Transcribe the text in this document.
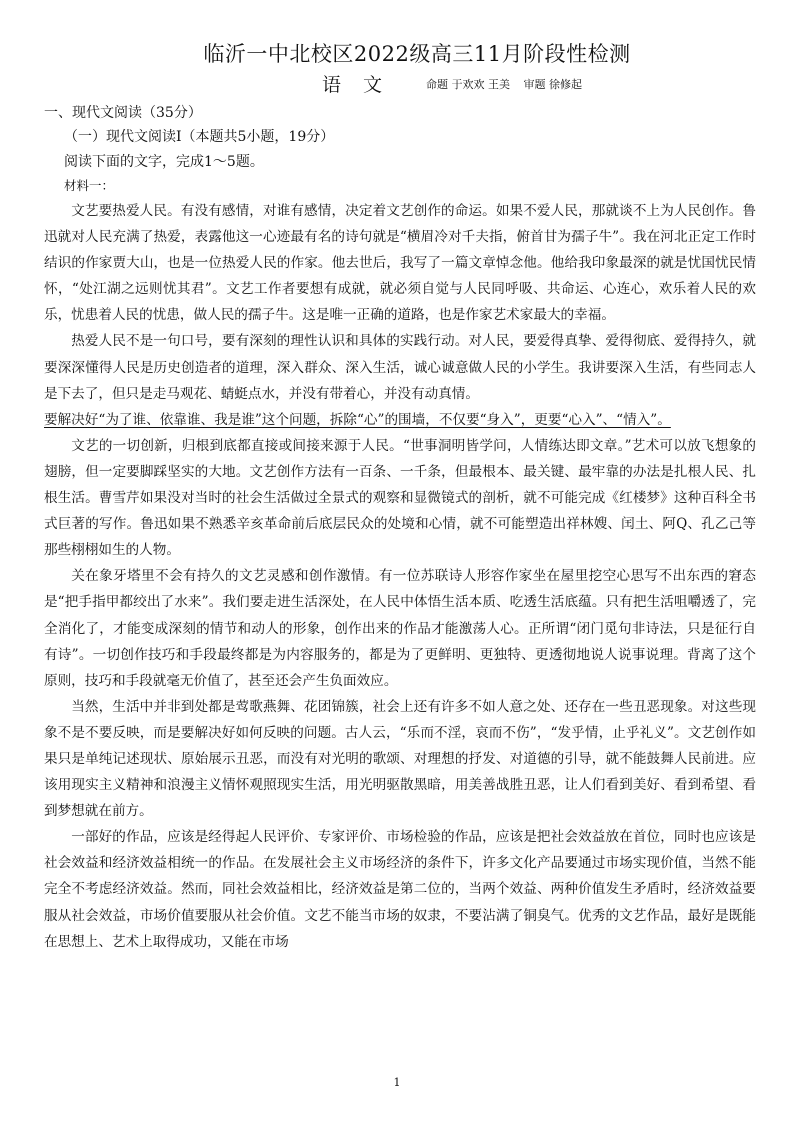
临沂一中北校区2022级高三11月阶段性检测
语文 命题 于欢欢 王美 审题 徐修起
一、现代文阅读（35分）
（一）现代文阅读Ⅰ（本题共5小题，19分）
阅读下面的文字，完成1～5题。
材料一：

文艺要热爱人民。有没有感情，对谁有感情，决定着文艺创作的命运。如果不爱人民，那就谈不上为人民创作。鲁迅就对人民充满了热爱，表露他这一心迹最有名的诗句就是“横眉冷对千夫指，俯首甘为孺子牛”。我在河北正定工作时结识的作家贾大山，也是一位热爱人民的作家。他去世后，我写了一篇文章悼念他。他给我印象最深的就是忧国忧民情怀，“处江湖之远则忧其君”。文艺工作者要想有成就，就必须自觉与人民同呼吸、共命运、心连心，欢乐着人民的欢乐，忧患着人民的忧患，做人民的孺子牛。这是唯一正确的道路，也是作家艺术家最大的幸福。

热爱人民不是一句口号，要有深刻的理性认识和具体的实践行动。对人民，要爱得真挚、爱得彻底、爱得持久，就要深深懂得人民是历史创造者的道理，深入群众、深入生活，诚心诚意做人民的小学生。我讲要深入生活，有些同志人是下去了，但只是走马观花、蜻蜓点水，并没有带着心，并没有动真情。

要解决好“为了谁、依靠谁、我是谁”这个问题，拆除“心”的围墙，不仅要“身入”，更要“心入”、“情入”。

文艺的一切创新，归根到底都直接或间接来源于人民。“世事洞明皆学问，人情练达即文章。”艺术可以放飞想象的翅膀，但一定要脚踩坚实的大地。文艺创作方法有一百条、一千条，但最根本、最关键、最牢靠的办法是扎根人民、扎根生活。曹雪芹如果没对当时的社会生活做过全景式的观察和显微镜式的剖析，就不可能完成《红楼梦》这种百科全书式巨著的写作。鲁迅如果不熟悉辛亥革命前后底层民众的处境和心情，就不可能塑造出祥林嫂、闰土、阿Q、孔乙己等那些栩栩如生的人物。

关在象牙塔里不会有持久的文艺灵感和创作激情。有一位苏联诗人形容作家坐在屋里挖空心思写不出东西的窘态是“把手指甲都绞出了水来”。我们要走进生活深处，在人民中体悟生活本质、吃透生活底蕴。只有把生活咀嚼透了，完全消化了，才能变成深刻的情节和动人的形象，创作出来的作品才能激荡人心。正所谓“闭门觅句非诗法，只是征行自有诗”。一切创作技巧和手段最终都是为内容服务的，都是为了更鲜明、更独特、更透彻地说人说事说理。背离了这个原则，技巧和手段就毫无价值了，甚至还会产生负面效应。

当然，生活中并非到处都是莺歌燕舞、花团锦簇，社会上还有许多不如人意之处、还存在一些丑恶现象。对这些现象不是不要反映，而是要解决好如何反映的问题。古人云，“乐而不淫，哀而不伤”，“发乎情，止乎礼义”。文艺创作如果只是单纯记述现状、原始展示丑恶，而没有对光明的歌颂、对理想的抒发、对道德的引导，就不能鼓舞人民前进。应该用现实主义精神和浪漫主义情怀观照现实生活，用光明驱散黑暗，用美善战胜丑恶，让人们看到美好、看到希望、看到梦想就在前方。

一部好的作品，应该是经得起人民评价、专家评价、市场检验的作品，应该是把社会效益放在首位，同时也应该是社会效益和经济效益相统一的作品。在发展社会主义市场经济的条件下，许多文化产品要通过市场实现价值，当然不能完全不考虑经济效益。然而，同社会效益相比，经济效益是第二位的，当两个效益、两种价值发生矛盾时，经济效益要服从社会效益，市场价值要服从社会价值。文艺不能当市场的奴隶，不要沾满了铜臭气。优秀的文艺作品，最好是既能在思想上、艺术上取得成功，又能在市场

1
